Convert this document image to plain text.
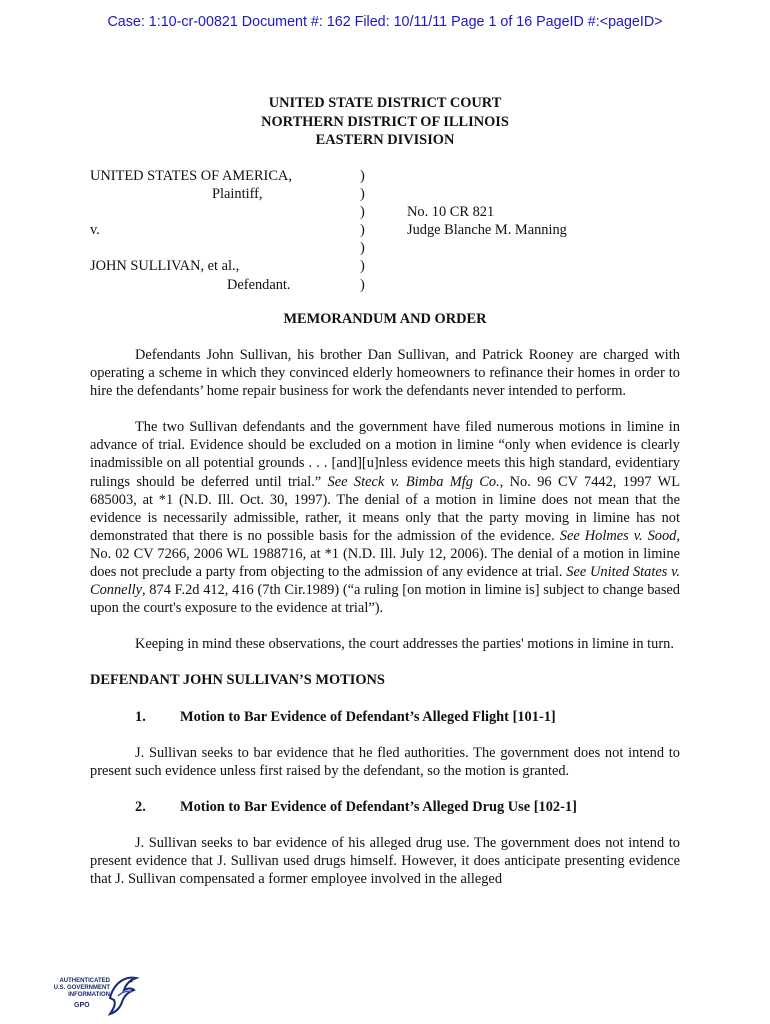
Case: 1:10-cr-00821 Document #: 162 Filed: 10/11/11 Page 1 of 16 PageID #:<pageID>
UNITED STATE DISTRICT COURT
NORTHERN DISTRICT OF ILLINOIS
EASTERN DIVISION
UNITED STATES OF AMERICA,
Plaintiff,
v.
JOHN SULLIVAN, et al.,
Defendant.
)
)
)
)
)
)
)
No. 10 CR 821
Judge Blanche M. Manning
MEMORANDUM AND ORDER

Defendants John Sullivan, his brother Dan Sullivan, and Patrick Rooney are charged with operating a scheme in which they convinced elderly homeowners to refinance their homes in order to hire the defendants’ home repair business for work the defendants never intended to perform.

The two Sullivan defendants and the government have filed numerous motions in limine in advance of trial. Evidence should be excluded on a motion in limine “only when evidence is clearly inadmissible on all potential grounds . . . [and][u]nless evidence meets this high standard, evidentiary rulings should be deferred until trial.” See Steck v. Bimba Mfg Co., No. 96 CV 7442, 1997 WL 685003, at *1 (N.D. Ill. Oct. 30, 1997). The denial of a motion in limine does not mean that the evidence is necessarily admissible, rather, it means only that the party moving in limine has not demonstrated that there is no possible basis for the admission of the evidence. See Holmes v. Sood, No. 02 CV 7266, 2006 WL 1988716, at *1 (N.D. Ill. July 12, 2006). The denial of a motion in limine does not preclude a party from objecting to the admission of any evidence at trial. See United States v. Connelly, 874 F.2d 412, 416 (7th Cir.1989) (“a ruling [on motion in limine is] subject to change based upon the court's exposure to the evidence at trial”).

Keeping in mind these observations, the court addresses the parties' motions in limine in turn.

DEFENDANT JOHN SULLIVAN’S MOTIONS
1.	Motion to Bar Evidence of Defendant’s Alleged Flight [101-1]

J. Sullivan seeks to bar evidence that he fled authorities. The government does not intend to present such evidence unless first raised by the defendant, so the motion is granted.

2.	Motion to Bar Evidence of Defendant’s Alleged Drug Use [102-1]

J. Sullivan seeks to bar evidence of his alleged drug use. The government does not intend to present evidence that J. Sullivan used drugs himself. However, it does anticipate presenting evidence that J. Sullivan compensated a former employee involved in the alleged

AUTHENTICATED
U.S. GOVERNMENT
INFORMATION
GPO
